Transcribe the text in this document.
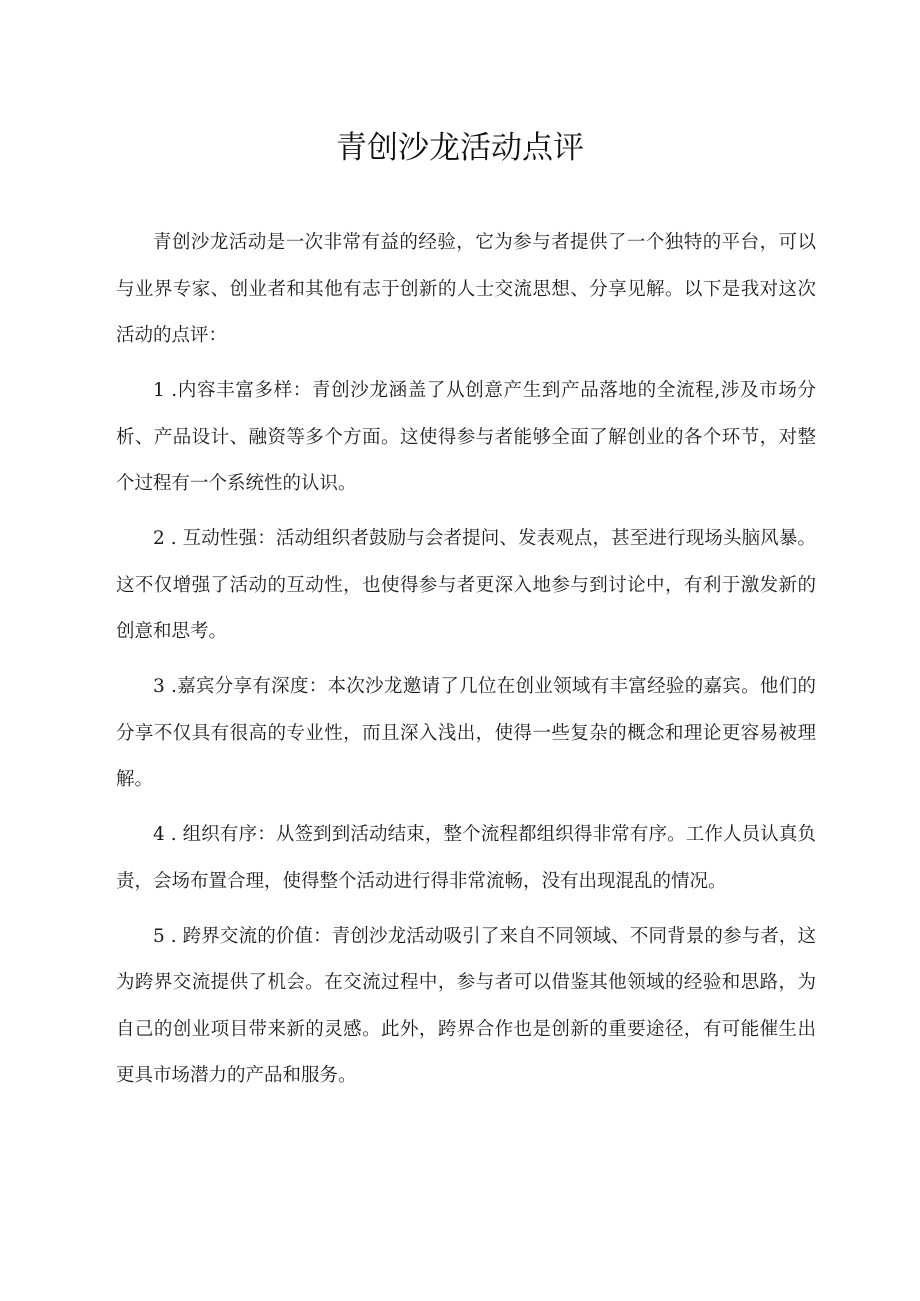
青创沙龙活动点评

青创沙龙活动是一次非常有益的经验，它为参与者提供了一个独特的平台，可以与业界专家、创业者和其他有志于创新的人士交流思想、分享见解。以下是我对这次活动的点评：

1 .内容丰富多样：青创沙龙涵盖了从创意产生到产品落地的全流程,涉及市场分析、产品设计、融资等多个方面。这使得参与者能够全面了解创业的各个环节，对整个过程有一个系统性的认识。

2 . 互动性强：活动组织者鼓励与会者提问、发表观点，甚至进行现场头脑风暴。这不仅增强了活动的互动性，也使得参与者更深入地参与到讨论中，有利于激发新的创意和思考。

3 .嘉宾分享有深度：本次沙龙邀请了几位在创业领域有丰富经验的嘉宾。他们的分享不仅具有很高的专业性，而且深入浅出，使得一些复杂的概念和理论更容易被理解。

4 . 组织有序：从签到到活动结束，整个流程都组织得非常有序。工作人员认真负责，会场布置合理，使得整个活动进行得非常流畅，没有出现混乱的情况。

5 . 跨界交流的价值：青创沙龙活动吸引了来自不同领域、不同背景的参与者，这为跨界交流提供了机会。在交流过程中，参与者可以借鉴其他领域的经验和思路，为自己的创业项目带来新的灵感。此外，跨界合作也是创新的重要途径，有可能催生出更具市场潜力的产品和服务。
